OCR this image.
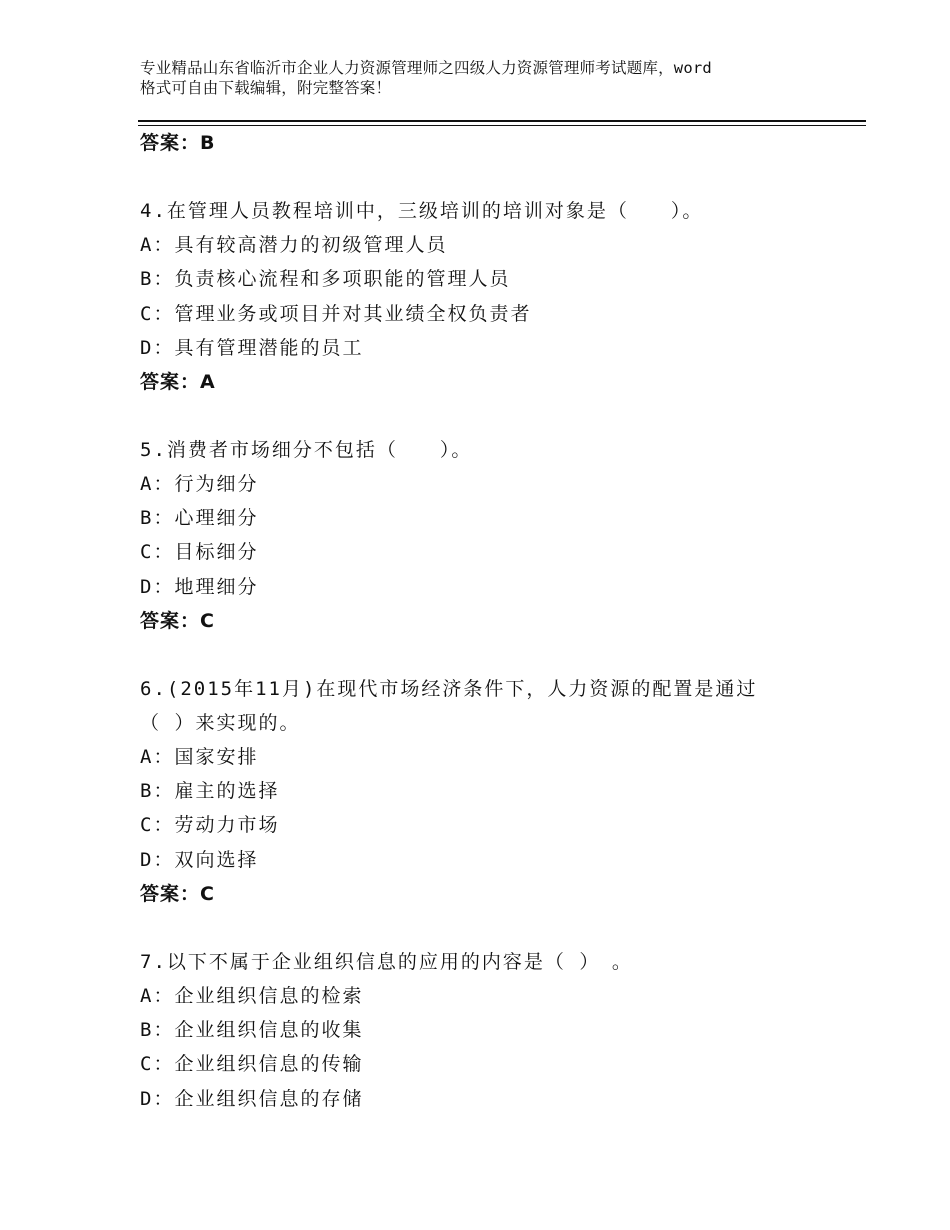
专业精品山东省临沂市企业人力资源管理师之四级人力资源管理师考试题库，word
格式可自由下载编辑，附完整答案！
答案：B
4.在管理人员教程培训中，三级培训的培训对象是（　　）。
A：具有较高潜力的初级管理人员
B：负责核心流程和多项职能的管理人员
C：管理业务或项目并对其业绩全权负责者
D：具有管理潜能的员工
答案：A
5.消费者市场细分不包括（　　）。
A：行为细分
B：心理细分
C：目标细分
D：地理细分
答案：C
6.(2015年11月)在现代市场经济条件下，人力资源的配置是通过
（ ）来实现的。
A：国家安排
B：雇主的选择
C：劳动力市场
D：双向选择
答案：C
7.以下不属于企业组织信息的应用的内容是（ ）　。
A：企业组织信息的检索
B：企业组织信息的收集
C：企业组织信息的传输
D：企业组织信息的存储
